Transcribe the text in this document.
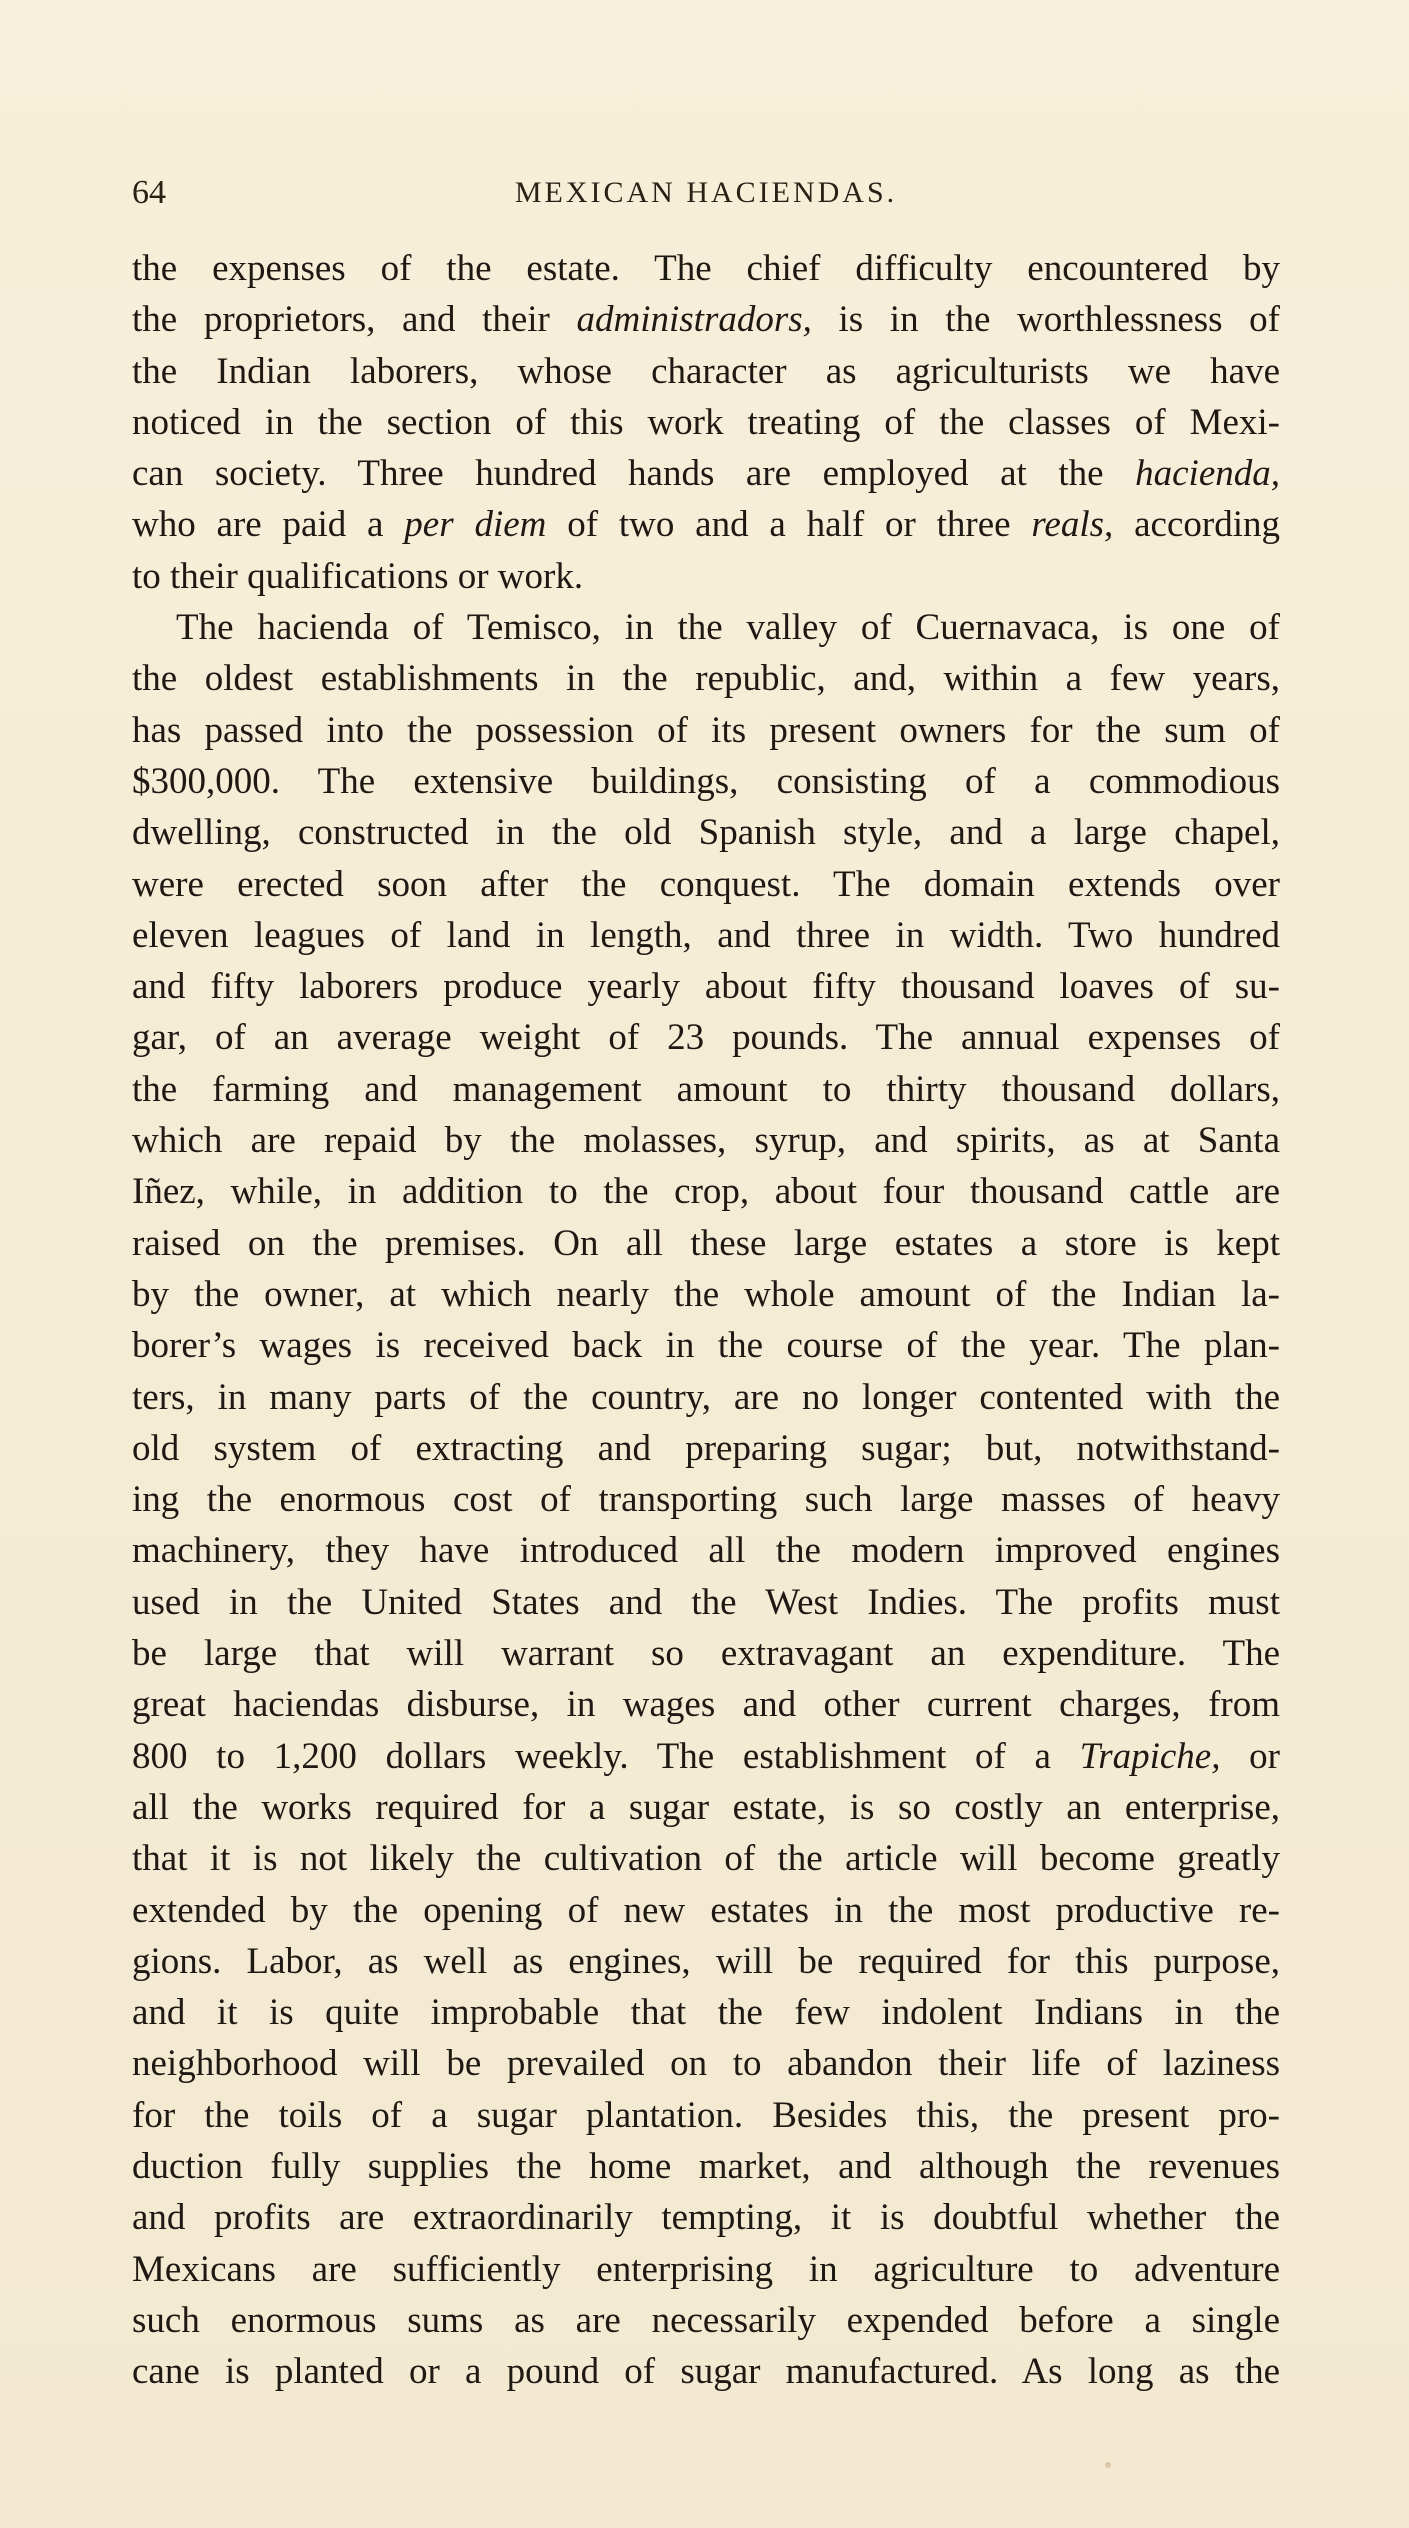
64	MEXICAN HACIENDAS.
the expenses of the estate. The chief difficulty encountered by
the proprietors, and their administradors, is in the worthlessness of
the Indian laborers, whose character as agriculturists we have
noticed in the section of this work treating of the classes of Mexi-
can society. Three hundred hands are employed at the hacienda,
who are paid a per diem of two and a half or three reals, according
to their qualifications or work.
The hacienda of Temisco, in the valley of Cuernavaca, is one of
the oldest establishments in the republic, and, within a few years,
has passed into the possession of its present owners for the sum of
$300,000. The extensive buildings, consisting of a commodious
dwelling, constructed in the old Spanish style, and a large chapel,
were erected soon after the conquest. The domain extends over
eleven leagues of land in length, and three in width. Two hundred
and fifty laborers produce yearly about fifty thousand loaves of su-
gar, of an average weight of 23 pounds. The annual expenses of
the farming and management amount to thirty thousand dollars,
which are repaid by the molasses, syrup, and spirits, as at Santa
Iñez, while, in addition to the crop, about four thousand cattle are
raised on the premises. On all these large estates a store is kept
by the owner, at which nearly the whole amount of the Indian la-
borer’s wages is received back in the course of the year. The plan-
ters, in many parts of the country, are no longer contented with the
old system of extracting and preparing sugar; but, notwithstand-
ing the enormous cost of transporting such large masses of heavy
machinery, they have introduced all the modern improved engines
used in the United States and the West Indies. The profits must
be large that will warrant so extravagant an expenditure. The
great haciendas disburse, in wages and other current charges, from
800 to 1,200 dollars weekly. The establishment of a Trapiche, or
all the works required for a sugar estate, is so costly an enterprise,
that it is not likely the cultivation of the article will become greatly
extended by the opening of new estates in the most productive re-
gions. Labor, as well as engines, will be required for this purpose,
and it is quite improbable that the few indolent Indians in the
neighborhood will be prevailed on to abandon their life of laziness
for the toils of a sugar plantation. Besides this, the present pro-
duction fully supplies the home market, and although the revenues
and profits are extraordinarily tempting, it is doubtful whether the
Mexicans are sufficiently enterprising in agriculture to adventure
such enormous sums as are necessarily expended before a single
cane is planted or a pound of sugar manufactured. As long as the
